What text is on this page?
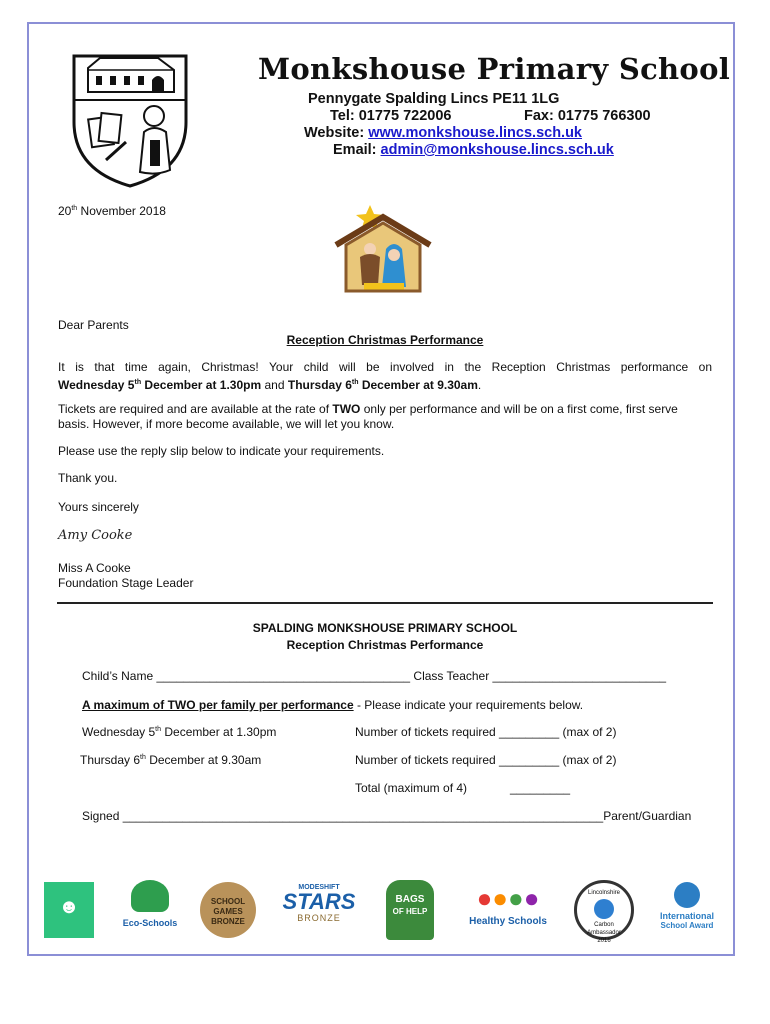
Monkshouse Primary School
Pennygate Spalding Lincs PE11 1LG
Tel: 01775 722006	Fax: 01775 766300
Website: www.monkshouse.lincs.sch.uk
Email: admin@monkshouse.lincs.sch.uk
20th November 2018
Dear Parents
Reception Christmas Performance
It is that time again, Christmas! Your child will be involved in the Reception Christmas performance on
Wednesday 5th December at 1.30pm and Thursday 6th December at 9.30am.
Tickets are required and are available at the rate of TWO only per performance and will be on a first come, first serve basis. However, if more become available, we will let you know.
Please use the reply slip below to indicate your requirements.
Thank you.
Yours sincerely
Amy Cooke
Miss A Cooke
Foundation Stage Leader
SPALDING MONKSHOUSE PRIMARY SCHOOL
Reception Christmas Performance
Child’s Name ______________________________________ Class Teacher __________________________
A maximum of TWO per family per performance - Please indicate your requirements below.
Wednesday 5th December at 1.30pm	Number of tickets required _________ (max of 2)
Thursday 6th December at 9.30am	Number of tickets required _________ (max of 2)
Total (maximum of 4)	_________
Signed ________________________________________________________________________Parent/Guardian
☻
Eco-Schools
SCHOOL
GAMES
BRONZE
MODESHIFT
STARS
BRONZE
BAGS
OF HELP	●●●●
Healthy Schools
Lincolnshire
Carbon Ambassador
2016
International
School Award
